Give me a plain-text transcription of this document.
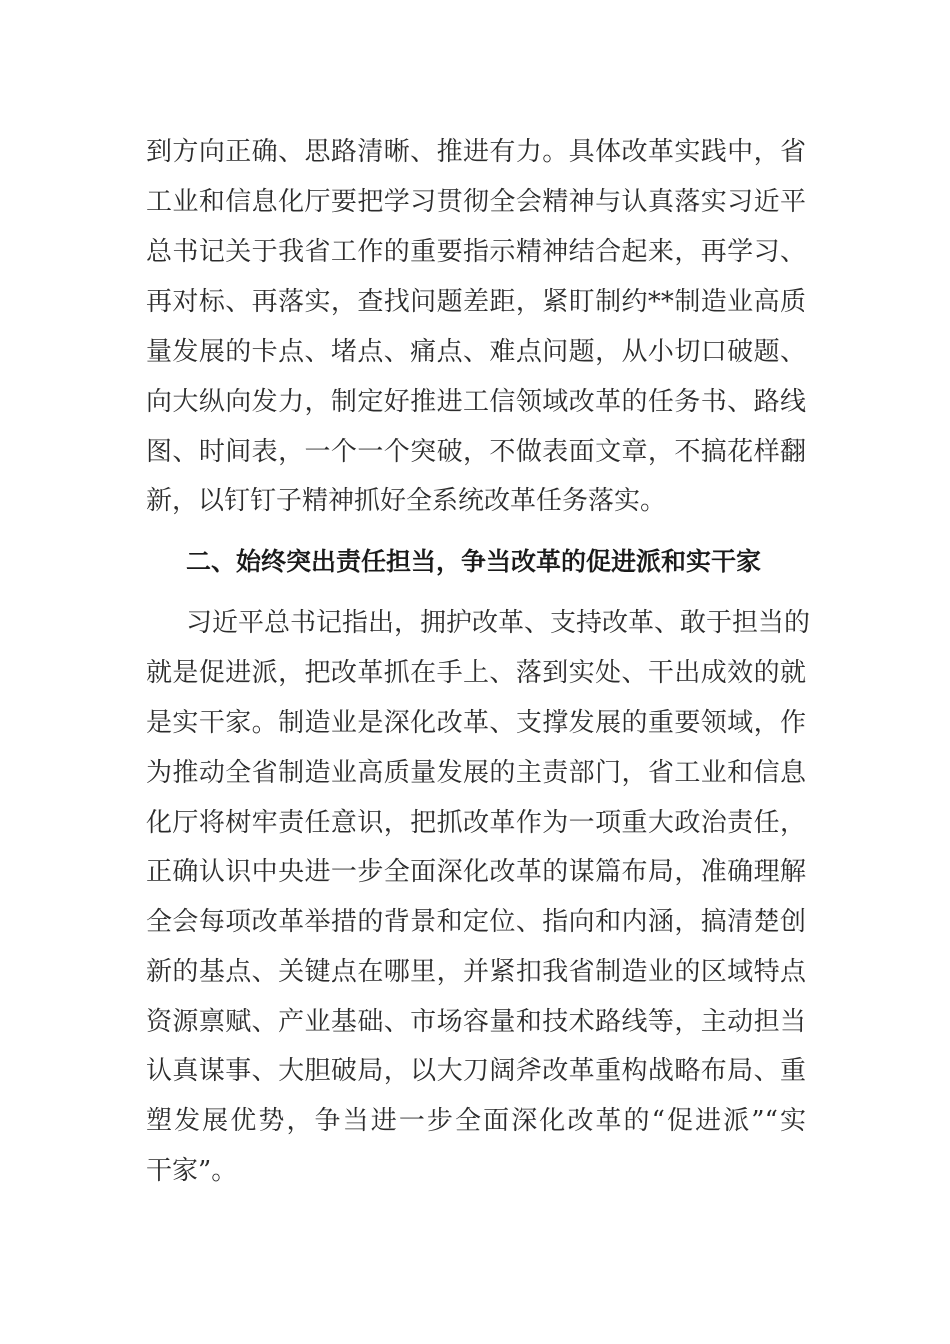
到方向正确、思路清晰、推进有力。具体改革实践中，省
工业和信息化厅要把学习贯彻全会精神与认真落实习近平
总书记关于我省工作的重要指示精神结合起来，再学习、
再对标、再落实，查找问题差距，紧盯制约**制造业高质
量发展的卡点、堵点、痛点、难点问题，从小切口破题、
向大纵向发力，制定好推进工信领域改革的任务书、路线
图、时间表，一个一个突破，不做表面文章，不搞花样翻
新，以钉钉子精神抓好全系统改革任务落实。
二、始终突出责任担当，争当改革的促进派和实干家
习近平总书记指出，拥护改革、支持改革、敢于担当的
就是促进派，把改革抓在手上、落到实处、干出成效的就
是实干家。制造业是深化改革、支撑发展的重要领域，作
为推动全省制造业高质量发展的主责部门，省工业和信息
化厅将树牢责任意识，把抓改革作为一项重大政治责任，
正确认识中央进一步全面深化改革的谋篇布局，准确理解
全会每项改革举措的背景和定位、指向和内涵，搞清楚创
新的基点、关键点在哪里，并紧扣我省制造业的区域特点
资源禀赋、产业基础、市场容量和技术路线等，主动担当
认真谋事、大胆破局，以大刀阔斧改革重构战略布局、重
塑发展优势，争当进一步全面深化改革的“促进派”“实
干家”。
